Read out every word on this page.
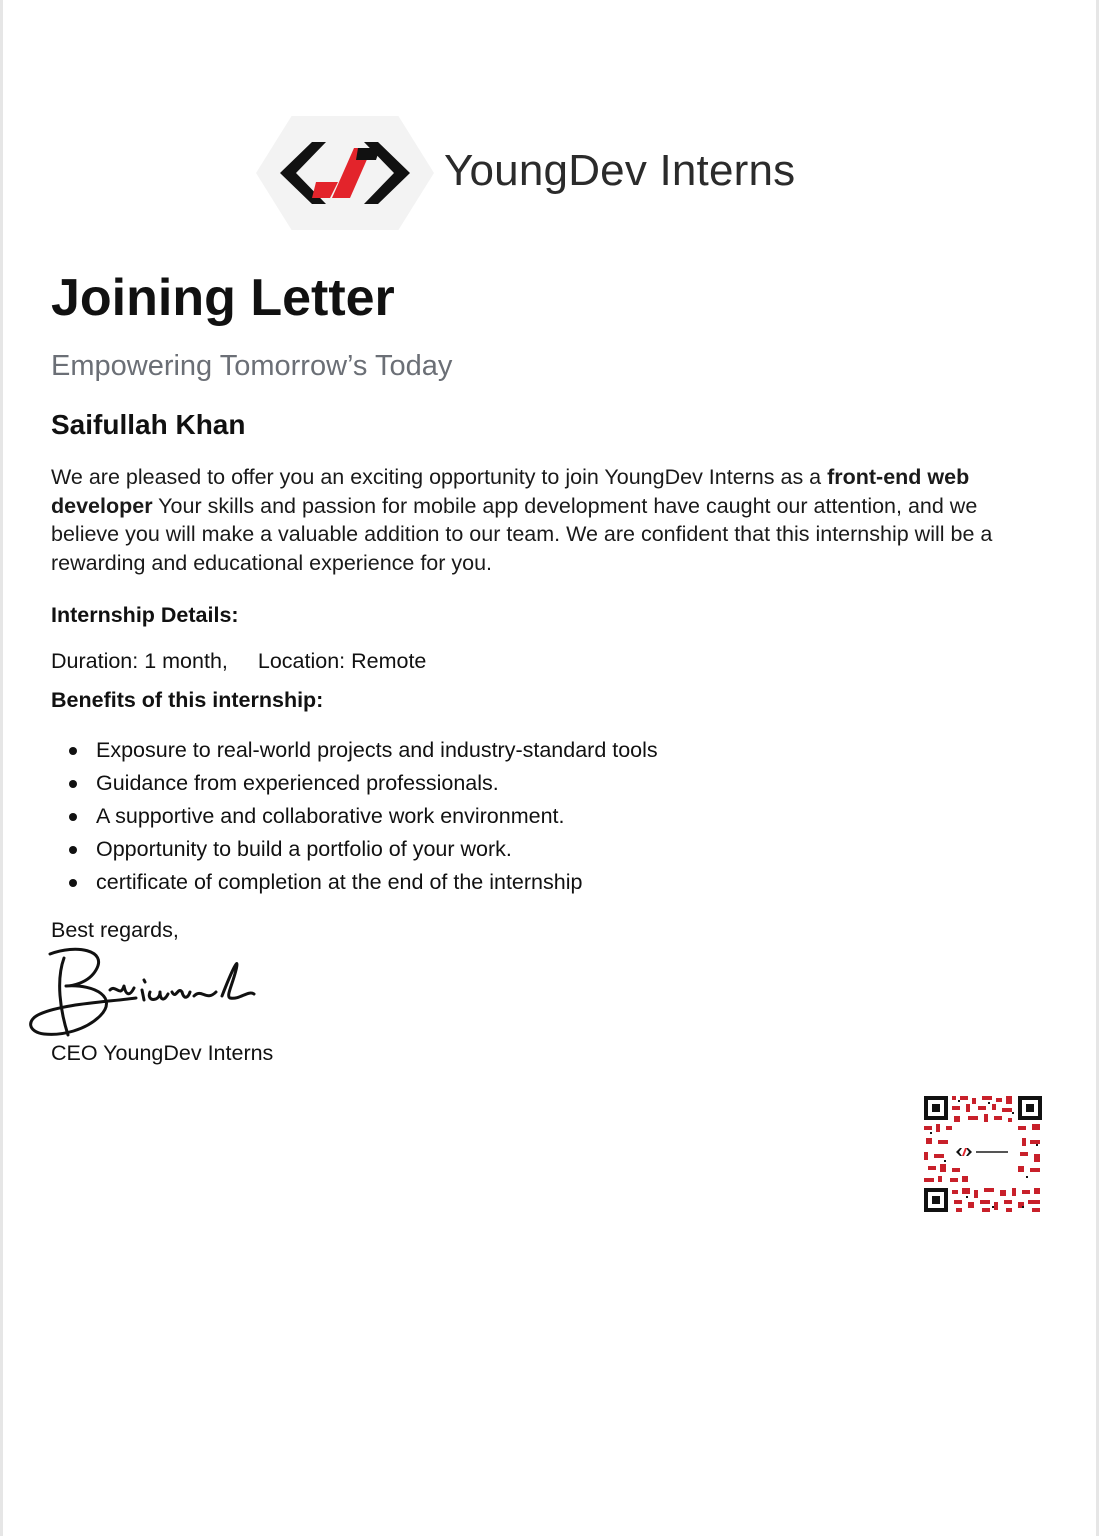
YoungDev Interns
Joining Letter
Empowering Tomorrow’s Today
Saifullah Khan

We are pleased to offer you an exciting opportunity to join YoungDev Interns as a front-end web developer Your skills and passion for mobile app development have caught our attention, and we believe you will make a valuable addition to our team. We are confident that this internship will be a rewarding and educational experience for you.

Internship Details:
Duration: 1 month, Location: Remote
Benefits of this internship:
Exposure to real-world projects and industry-standard tools
Guidance from experienced professionals.
A supportive and collaborative work environment.
Opportunity to build a portfolio of your work.
certificate of completion at the end of the internship
Best regards,
CEO YoungDev Interns
